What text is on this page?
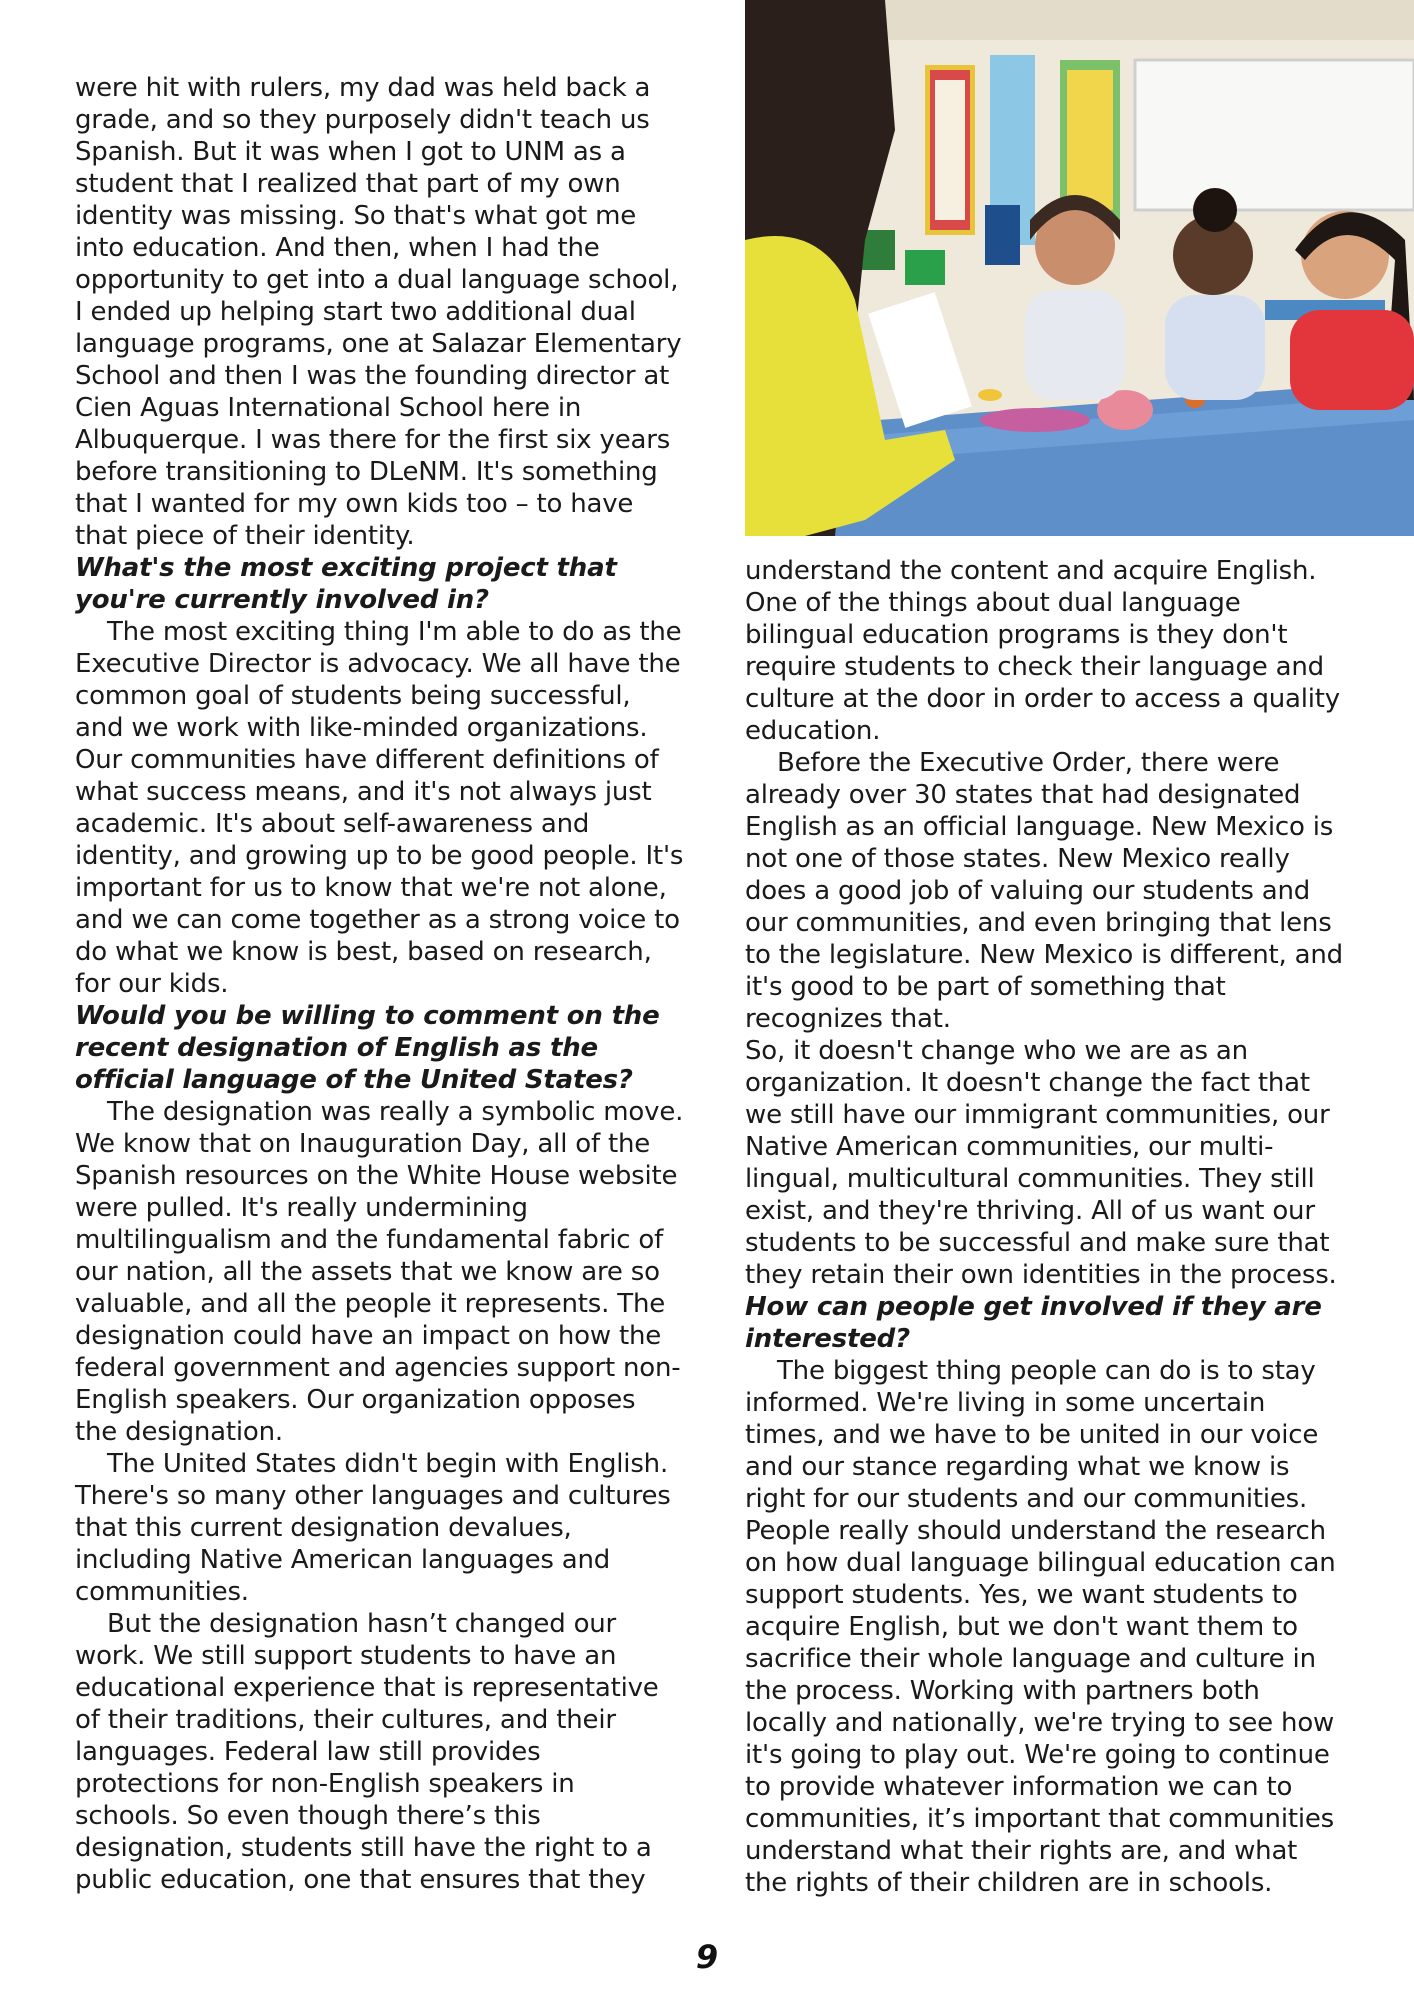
were hit with rulers, my dad was held back a grade, and so they purposely didn't teach us Spanish. But it was when I got to UNM as a student that I realized that part of my own identity was missing. So that's what got me into education. And then, when I had the opportunity to get into a dual language school, I ended up helping start two additional dual language programs, one at Salazar Elementary School and then I was the founding director at Cien Aguas International School here in Albuquerque. I was there for the first six years before transitioning to DLeNM. It's something that I wanted for my own kids too – to have that piece of their identity.

What's the most exciting project that you're currently involved in?

The most exciting thing I'm able to do as the Executive Director is advocacy. We all have the common goal of students being successful, and we work with like-minded organizations. Our communities have different definitions of what success means, and it's not always just academic. It's about self-awareness and identity, and growing up to be good people. It's important for us to know that we're not alone, and we can come together as a strong voice to do what we know is best, based on research, for our kids.

Would you be willing to comment on the recent designation of English as the official language of the United States?

The designation was really a symbolic move. We know that on Inauguration Day, all of the Spanish resources on the White House website were pulled. It's really undermining multilingualism and the fundamental fabric of our nation, all the assets that we know are so valuable, and all the people it represents. The designation could have an impact on how the federal government and agencies support non-English speakers. Our organization opposes the designation.

The United States didn't begin with English. There's so many other languages and cultures that this current designation devalues, including Native American languages and communities.

But the designation hasn’t changed our work. We still support students to have an educational experience that is representative of their traditions, their cultures, and their languages. Federal law still provides protections for non-English speakers in schools. So even though there’s this designation, students still have the right to a public education, one that ensures that they

understand the content and acquire English. One of the things about dual language bilingual education programs is they don't require students to check their language and culture at the door in order to access a quality education.

Before the Executive Order, there were already over 30 states that had designated English as an official language. New Mexico is not one of those states. New Mexico really does a good job of valuing our students and our communities, and even bringing that lens to the legislature. New Mexico is different, and it's good to be part of something that recognizes that.

So, it doesn't change who we are as an organization. It doesn't change the fact that we still have our immigrant communities, our Native American communities, our multi-lingual, multicultural communities. They still exist, and they're thriving. All of us want our students to be successful and make sure that they retain their own identities in the process.

How can people get involved if they are interested?

The biggest thing people can do is to stay informed. We're living in some uncertain times, and we have to be united in our voice and our stance regarding what we know is right for our students and our communities. People really should understand the research on how dual language bilingual education can support students. Yes, we want students to acquire English, but we don't want them to sacrifice their whole language and culture in the process. Working with partners both locally and nationally, we're trying to see how it's going to play out. We're going to continue to provide whatever information we can to communities, it’s important that communities understand what their rights are, and what the rights of their children are in schools.

9
